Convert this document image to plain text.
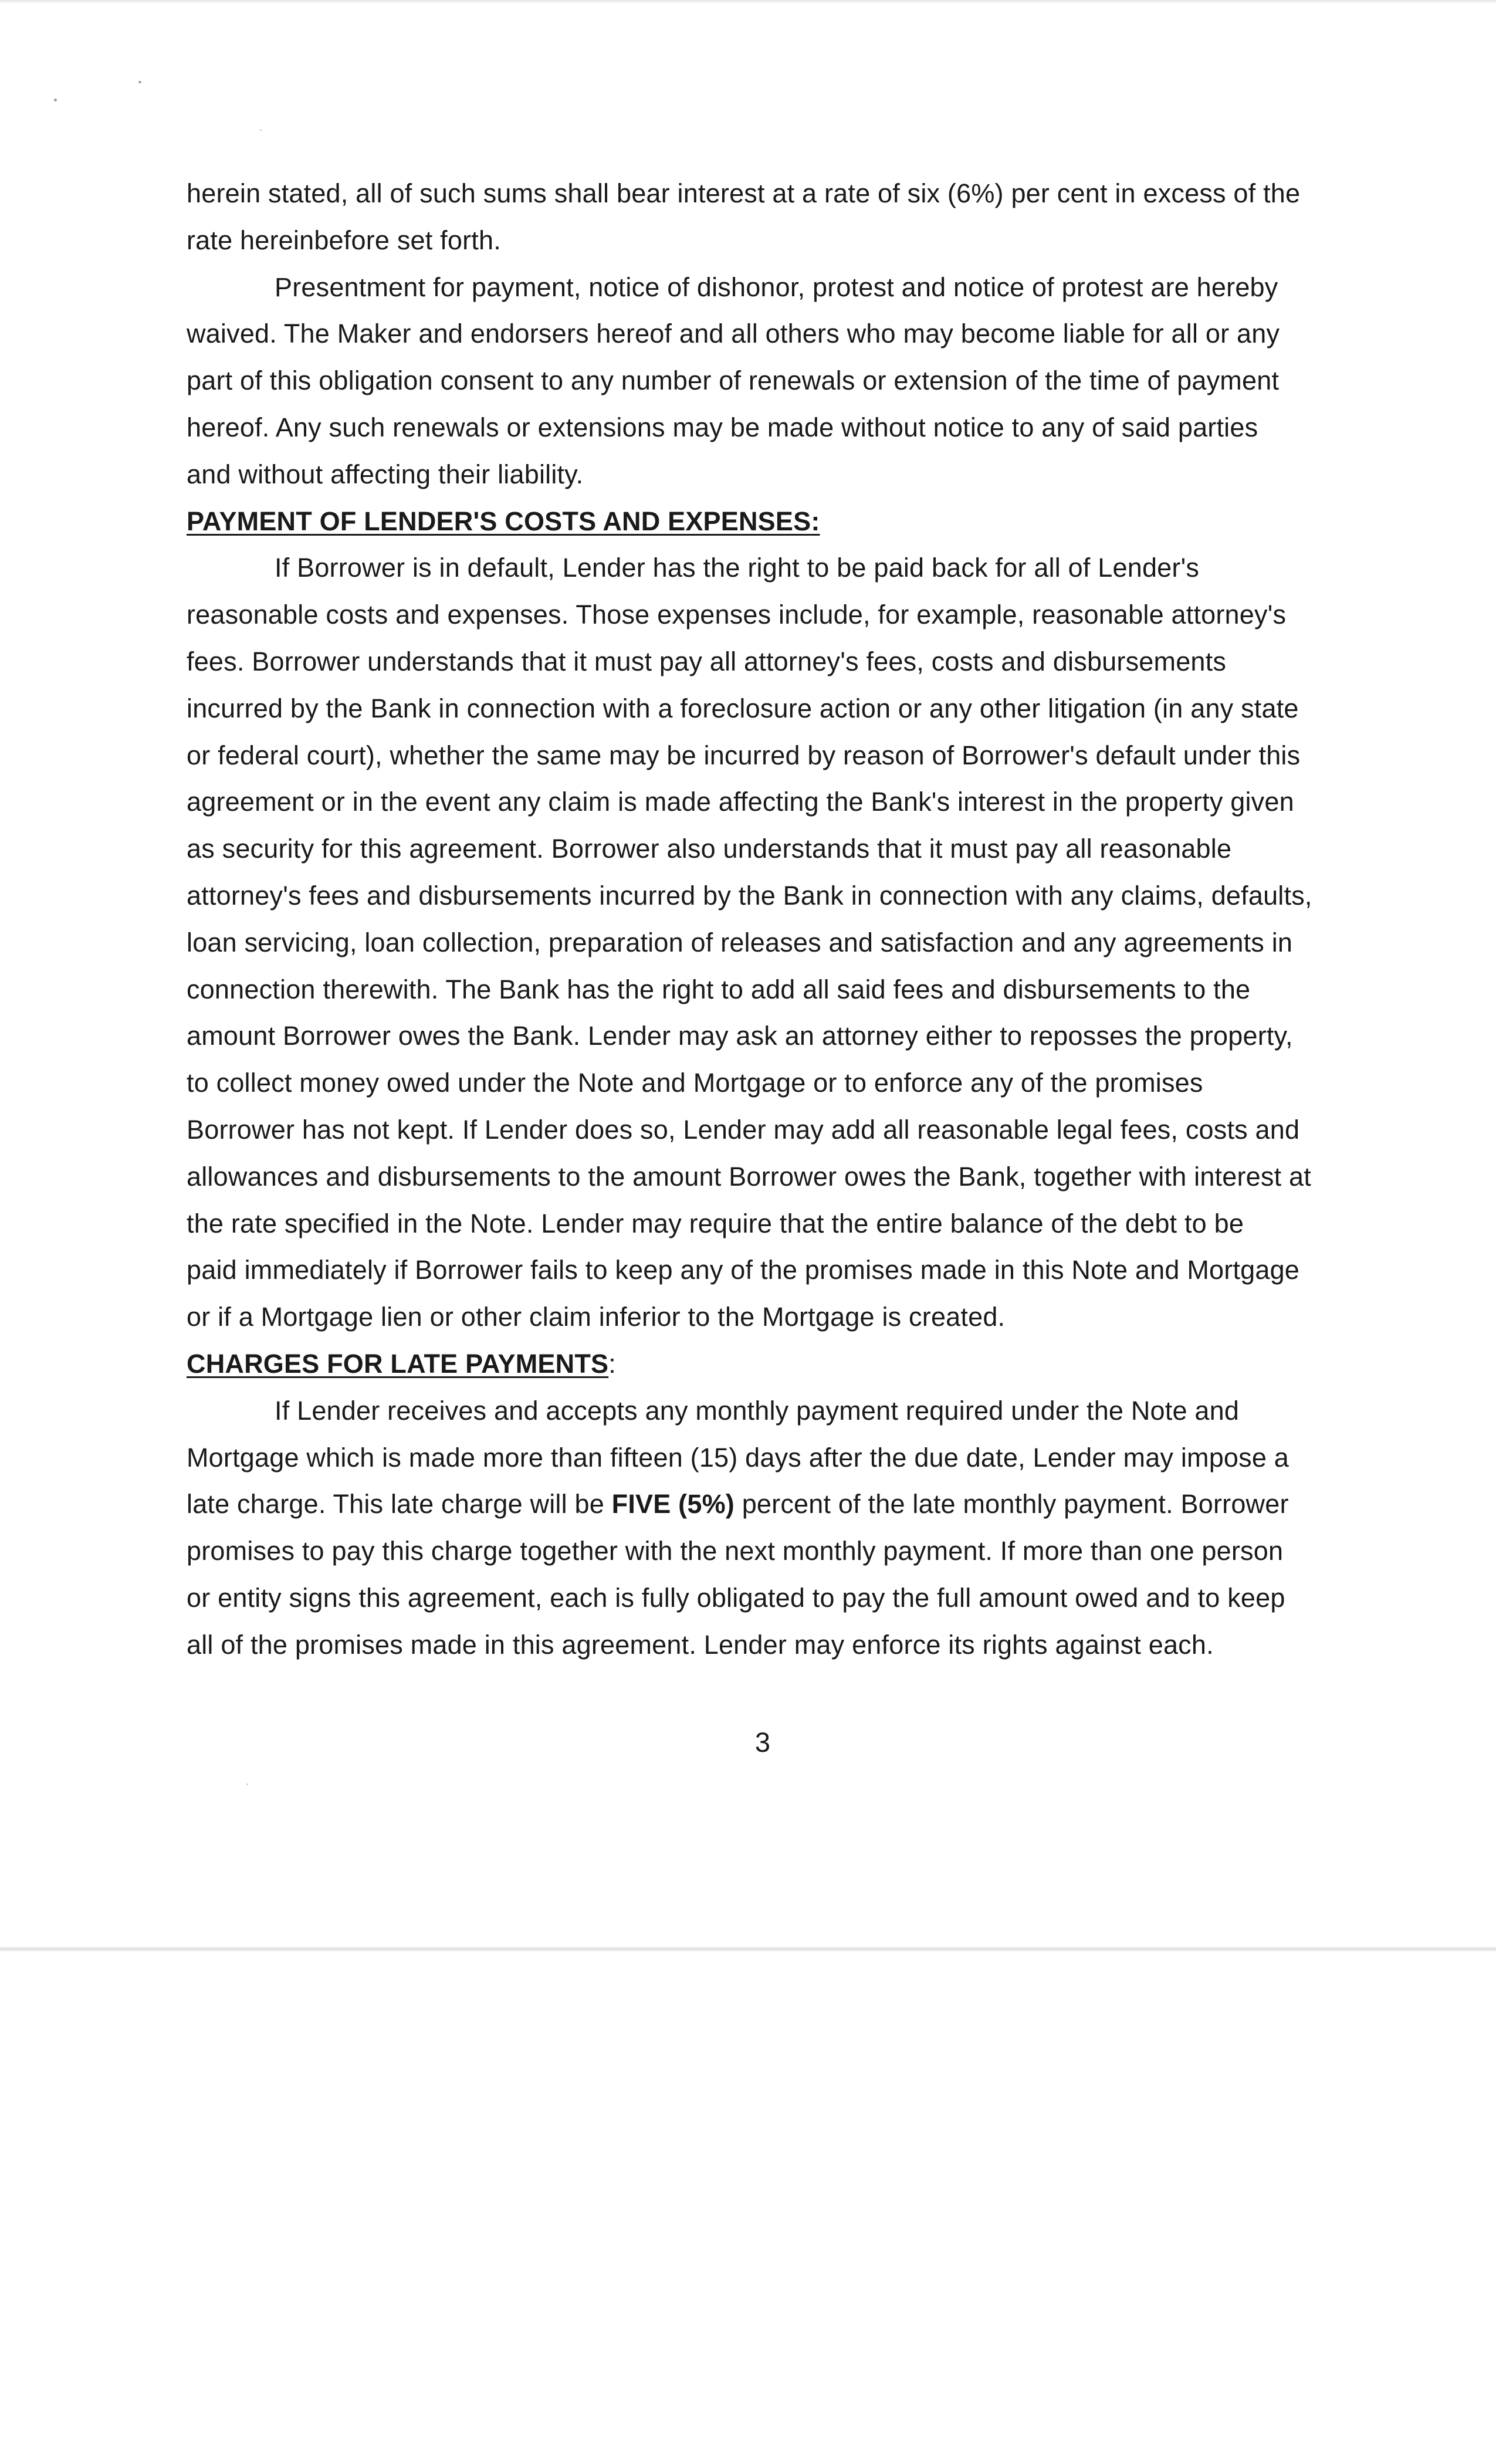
herein stated, all of such sums shall bear interest at a rate of six (6%) per cent in excess of the
rate hereinbefore set forth.
Presentment for payment, notice of dishonor, protest and notice of protest are hereby
waived. The Maker and endorsers hereof and all others who may become liable for all or any
part of this obligation consent to any number of renewals or extension of the time of payment
hereof. Any such renewals or extensions may be made without notice to any of said parties
and without affecting their liability.
PAYMENT OF LENDER'S COSTS AND EXPENSES:
If Borrower is in default, Lender has the right to be paid back for all of Lender's
reasonable costs and expenses. Those expenses include, for example, reasonable attorney's
fees. Borrower understands that it must pay all attorney's fees, costs and disbursements
incurred by the Bank in connection with a foreclosure action or any other litigation (in any state
or federal court), whether the same may be incurred by reason of Borrower's default under this
agreement or in the event any claim is made affecting the Bank's interest in the property given
as security for this agreement. Borrower also understands that it must pay all reasonable
attorney's fees and disbursements incurred by the Bank in connection with any claims, defaults,
loan servicing, loan collection, preparation of releases and satisfaction and any agreements in
connection therewith. The Bank has the right to add all said fees and disbursements to the
amount Borrower owes the Bank. Lender may ask an attorney either to reposses the property,
to collect money owed under the Note and Mortgage or to enforce any of the promises
Borrower has not kept. If Lender does so, Lender may add all reasonable legal fees, costs and
allowances and disbursements to the amount Borrower owes the Bank, together with interest at
the rate specified in the Note. Lender may require that the entire balance of the debt to be
paid immediately if Borrower fails to keep any of the promises made in this Note and Mortgage
or if a Mortgage lien or other claim inferior to the Mortgage is created.
CHARGES FOR LATE PAYMENTS:
If Lender receives and accepts any monthly payment required under the Note and
Mortgage which is made more than fifteen (15) days after the due date, Lender may impose a
late charge. This late charge will be FIVE (5%) percent of the late monthly payment. Borrower
promises to pay this charge together with the next monthly payment. If more than one person
or entity signs this agreement, each is fully obligated to pay the full amount owed and to keep
all of the promises made in this agreement. Lender may enforce its rights against each.
3
